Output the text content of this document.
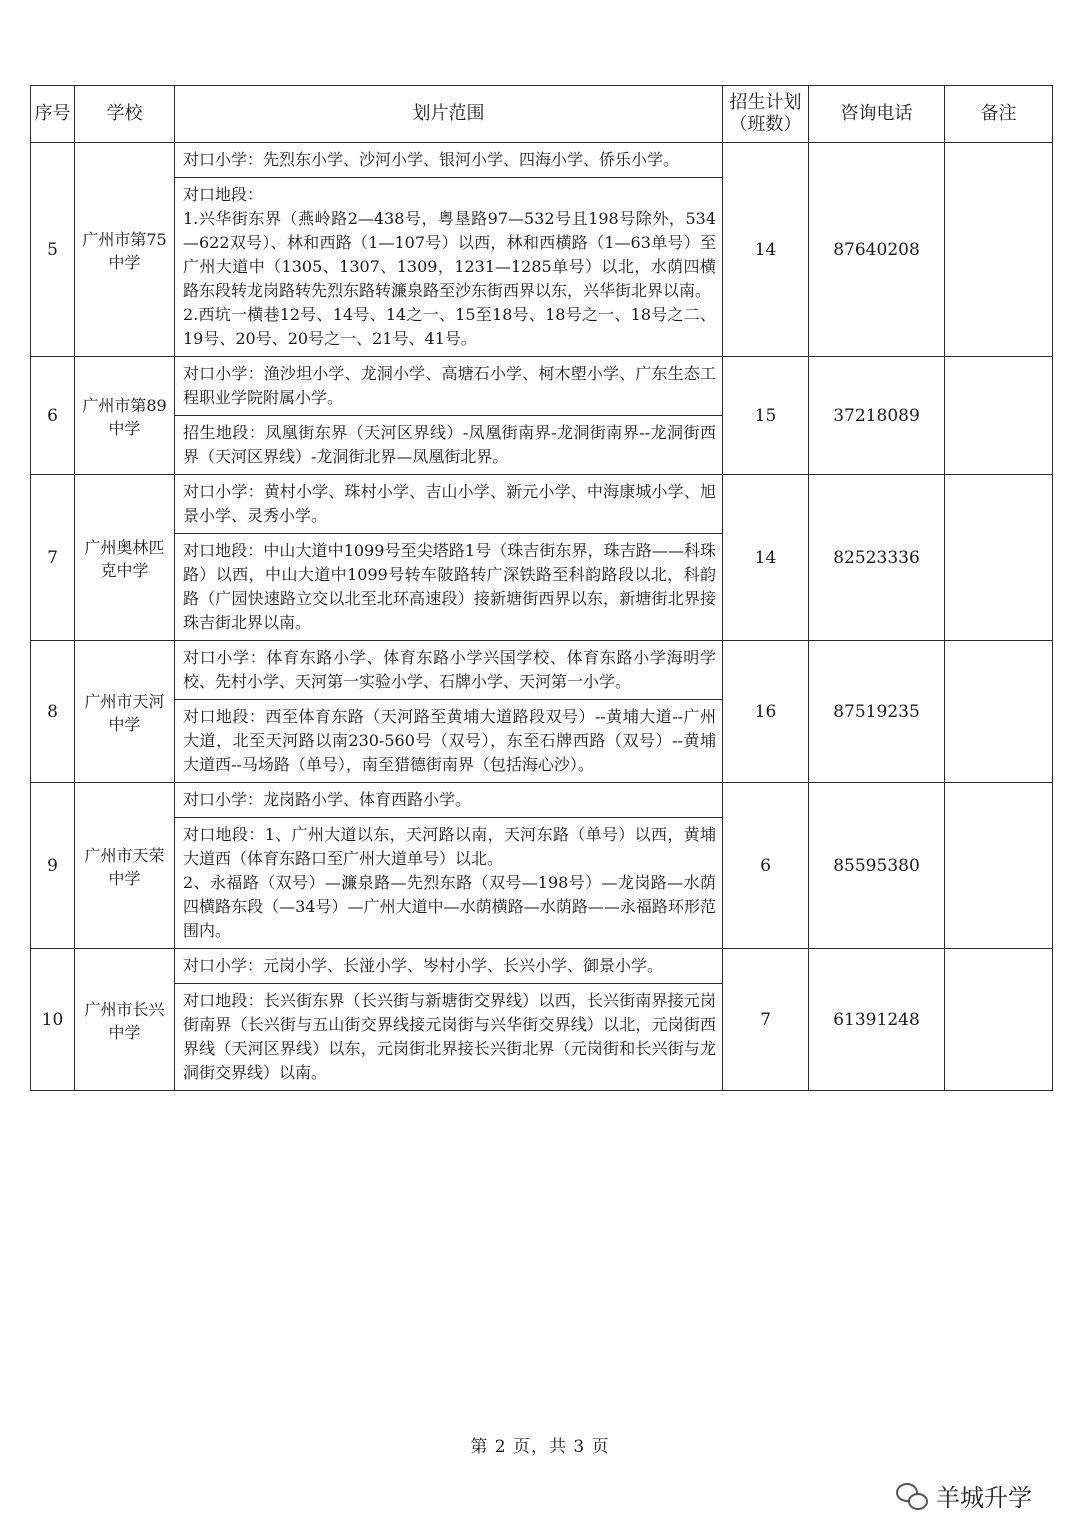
序号	学校	划片范围	招生计划（班数）	咨询电话	备注
5	广州市第75中学	对口小学：先烈东小学、沙河小学、银河小学、四海小学、侨乐小学。
对口地段：
1.兴华街东界（燕岭路2—438号，粤垦路97—532号且198号除外，534—622双号）、林和西路（1—107号）以西，林和西横路（1—63单号）至广州大道中（1305、1307、1309，1231—1285单号）以北，水荫四横路东段转龙岗路转先烈东路转濂泉路至沙东街西界以东，兴华街北界以南。
2.西坑一横巷12号、14号、14之一、15至18号、18号之一、18号之二、19号、20号、20号之一、21号、41号。	14	87640208	
6	广州市第89中学	对口小学：渔沙坦小学、龙洞小学、高塘石小学、柯木塱小学、广东生态工程职业学院附属小学。
招生地段：凤凰街东界（天河区界线）-凤凰街南界-龙洞街南界--龙洞街西界（天河区界线）-龙洞街北界—凤凰街北界。	15	37218089	
7	广州奥林匹克中学	对口小学：黄村小学、珠村小学、吉山小学、新元小学、中海康城小学、旭景小学、灵秀小学。
对口地段：中山大道中1099号至尖塔路1号（珠吉街东界，珠吉路——科珠路）以西，中山大道中1099号转车陂路转广深铁路至科韵路段以北，科韵路（广园快速路立交以北至北环高速段）接新塘街西界以东，新塘街北界接珠吉街北界以南。	14	82523336	
8	广州市天河中学	对口小学：体育东路小学、体育东路小学兴国学校、体育东路小学海明学校、先村小学、天河第一实验小学、石牌小学、天河第一小学。
对口地段：西至体育东路（天河路至黄埔大道路段双号）--黄埔大道--广州大道，北至天河路以南230-560号（双号），东至石牌西路（双号）--黄埔大道西--马场路（单号），南至猎德街南界（包括海心沙）。	16	87519235	
9	广州市天荣中学	对口小学：龙岗路小学、体育西路小学。
对口地段：1、广州大道以东，天河路以南，天河东路（单号）以西，黄埔大道西（体育东路口至广州大道单号）以北。
2、永福路（双号）—濂泉路—先烈东路（双号—198号）—龙岗路—水荫四横路东段（—34号）—广州大道中—水荫横路—水荫路——永福路环形范围内。	6	85595380	
10	广州市长兴中学	对口小学：元岗小学、长湴小学、岑村小学、长兴小学、御景小学。
对口地段：长兴街东界（长兴街与新塘街交界线）以西，长兴街南界接元岗街南界（长兴街与五山街交界线接元岗街与兴华街交界线）以北，元岗街西界线（天河区界线）以东，元岗街北界接长兴街北界（元岗街和长兴街与龙洞街交界线）以南。	7	61391248	
第 2 页，共 3 页
羊城升学
